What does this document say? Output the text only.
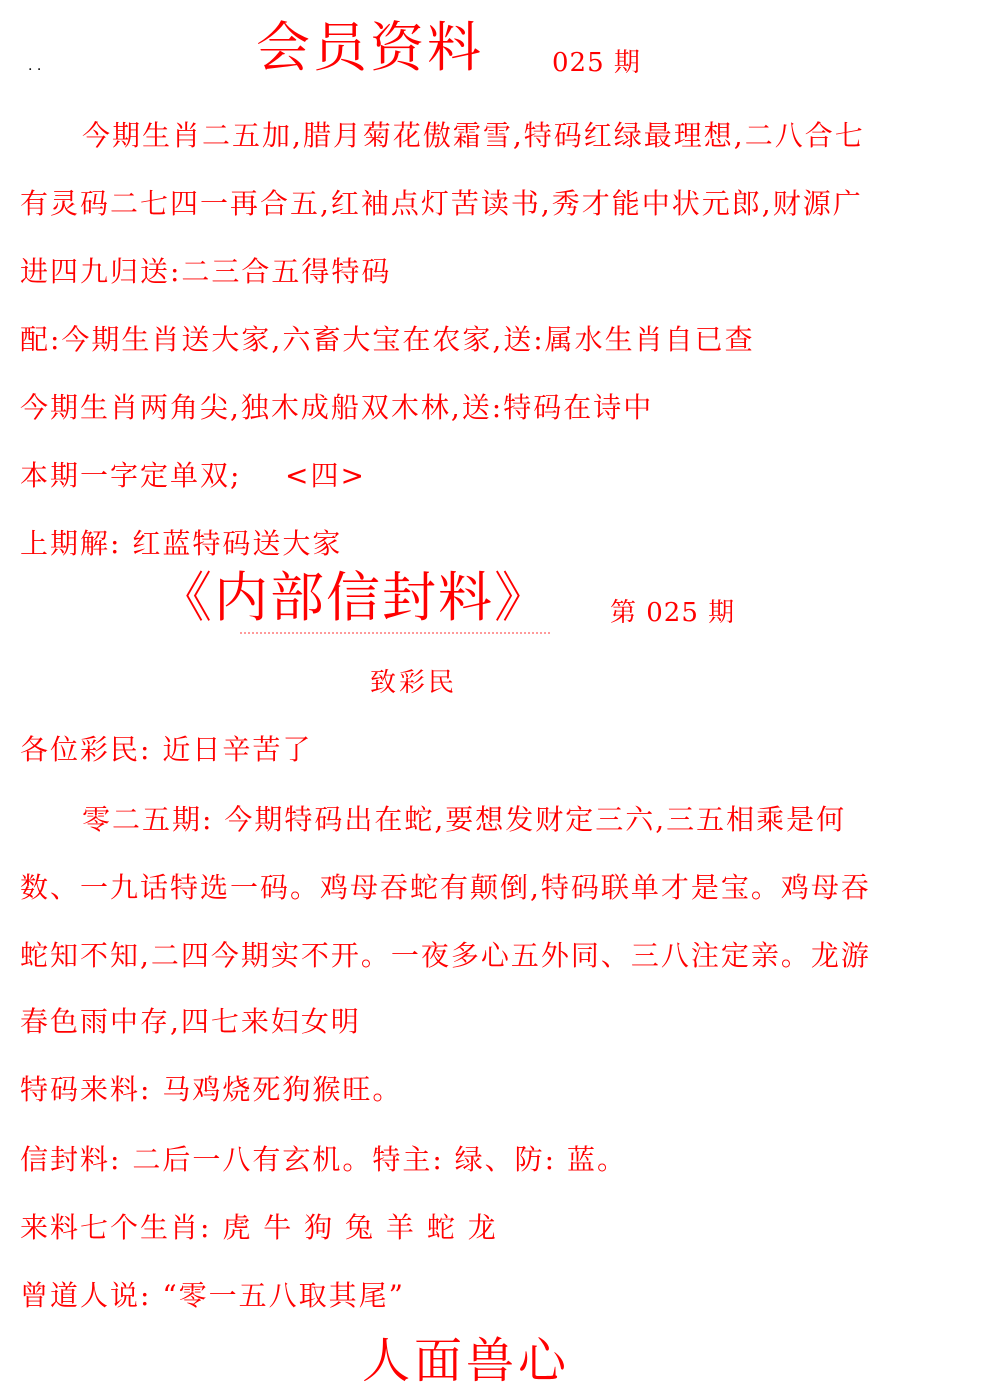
. .	会员资料	025 期
今期生肖二五加,腊月菊花傲霜雪,特码红绿最理想,二八合七
有灵码二七四一再合五,红袖点灯苦读书,秀才能中状元郎,财源广
进四九归送:二三合五得特码
配:今期生肖送大家,六畜大宝在农家,送:属水生肖自已查
今期生肖两角尖,独木成船双木林,送:特码在诗中
本期一字定单双;    <四>
上期解: 红蓝特码送大家
《内部信封料》 第 025 期
致彩民
各位彩民: 近日辛苦了
零二五期: 今期特码出在蛇,要想发财定三六,三五相乘是何
数、一九话特选一码。鸡母吞蛇有颠倒,特码联单才是宝。鸡母吞
蛇知不知,二四今期实不开。一夜多心五外同、三八注定亲。龙游
春色雨中存,四七来妇女明
特码来料: 马鸡烧死狗猴旺。
信封料: 二后一八有玄机。特主: 绿、防: 蓝。
来料七个生肖: 虎 牛 狗 兔 羊 蛇 龙
曾道人说: “零一五八取其尾”
人面兽心
